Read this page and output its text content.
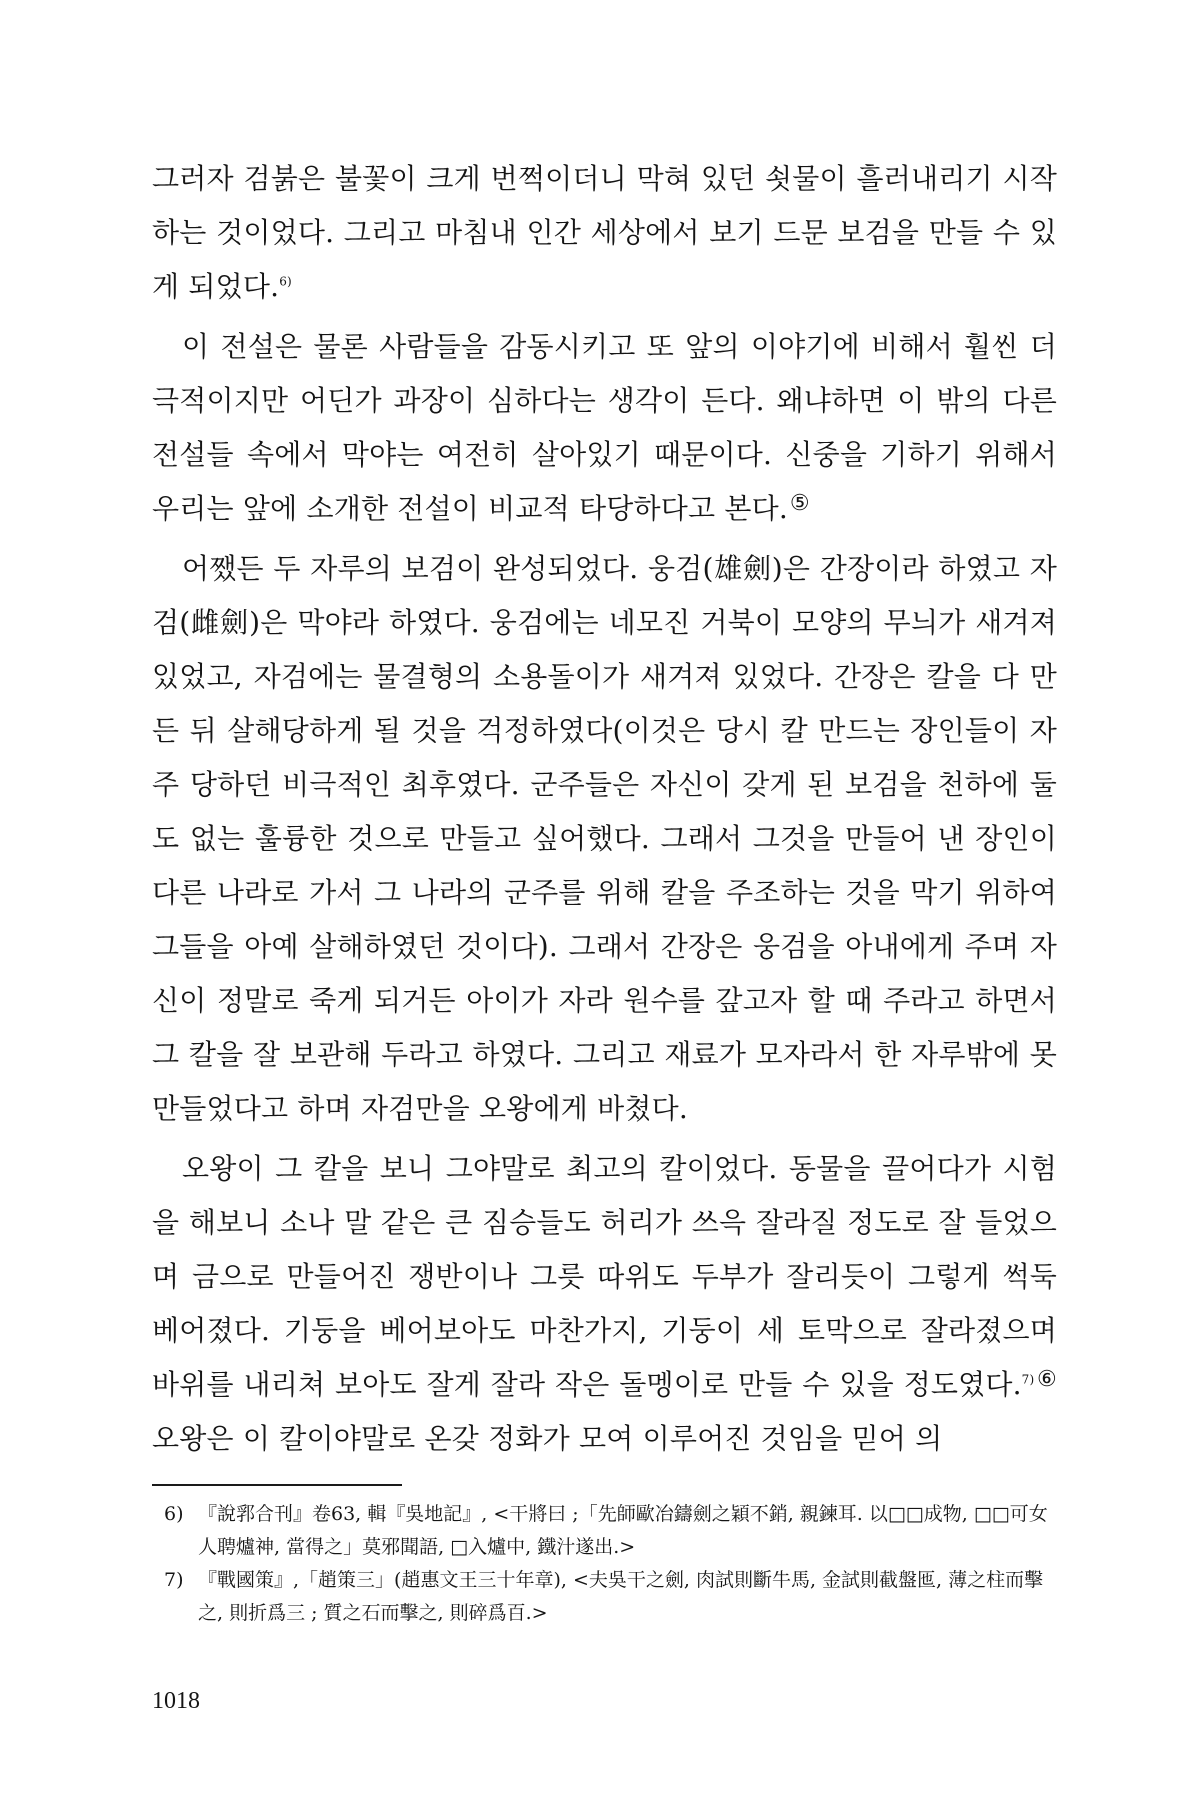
그러자 검붉은 불꽃이 크게 번쩍이더니 막혀 있던 쇳물이 흘러내리기 시작하는 것이었다. 그리고 마침내 인간 세상에서 보기 드문 보검을 만들 수 있게 되었다.$^{6)}$

이 전설은 물론 사람들을 감동시키고 또 앞의 이야기에 비해서 훨씬 더 극적이지만 어딘가 과장이 심하다는 생각이 든다. 왜냐하면 이 밖의 다른 전설들 속에서 막야는 여전히 살아있기 때문이다. 신중을 기하기 위해서 우리는 앞에 소개한 전설이 비교적 타당하다고 본다.⑤

어쨌든 두 자루의 보검이 완성되었다. 웅검(雄劍)은 간장이라 하였고 자검(雌劍)은 막야라 하였다. 웅검에는 네모진 거북이 모양의 무늬가 새겨져 있었고, 자검에는 물결형의 소용돌이가 새겨져 있었다. 간장은 칼을 다 만든 뒤 살해당하게 될 것을 걱정하였다(이것은 당시 칼 만드는 장인들이 자주 당하던 비극적인 최후였다. 군주들은 자신이 갖게 된 보검을 천하에 둘도 없는 훌륭한 것으로 만들고 싶어했다. 그래서 그것을 만들어 낸 장인이 다른 나라로 가서 그 나라의 군주를 위해 칼을 주조하는 것을 막기 위하여 그들을 아예 살해하였던 것이다). 그래서 간장은 웅검을 아내에게 주며 자신이 정말로 죽게 되거든 아이가 자라 원수를 갚고자 할 때 주라고 하면서 그 칼을 잘 보관해 두라고 하였다. 그리고 재료가 모자라서 한 자루밖에 못 만들었다고 하며 자검만을 오왕에게 바쳤다.

오왕이 그 칼을 보니 그야말로 최고의 칼이었다. 동물을 끌어다가 시험을 해보니 소나 말 같은 큰 짐승들도 허리가 쓰윽 잘라질 정도로 잘 들었으며 금으로 만들어진 쟁반이나 그릇 따위도 두부가 잘리듯이 그렇게 썩둑 베어졌다. 기둥을 베어보아도 마찬가지, 기둥이 세 토막으로 잘라졌으며 바위를 내리쳐 보아도 잘게 잘라 작은 돌멩이로 만들 수 있을 정도였다.$^{7)⑥}$ 오왕은 이 칼이야말로 온갖 정화가 모여 이루어진 것임을 믿어 의

6) 『說郛合刊』卷63, 輯『吳地記』, <干將曰 ;「先師歐冶鑄劍之穎不銷, 親鍊耳. 以□□成物, □□可女人聘爐神, 當得之」莫邪聞語, □入爐中, 鐵汁遂出.>

7) 『戰國策』,「趙策三」(趙惠文王三十年章), <夫吳干之劍, 肉試則斷牛馬, 金試則截盤匜, 薄之柱而擊之, 則折爲三 ; 質之石而擊之, 則碎爲百.>

1018
